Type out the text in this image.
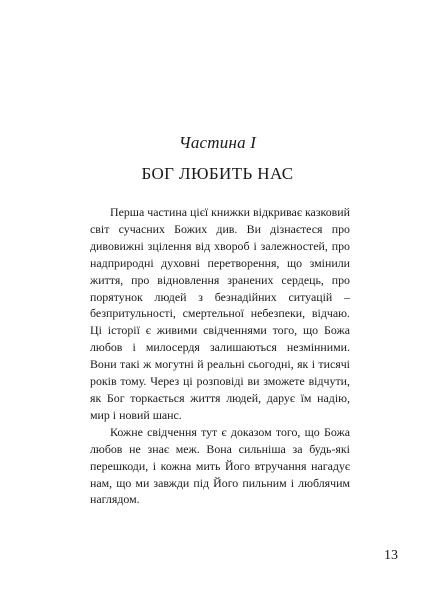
Частина І
БОГ ЛЮБИТЬ НАС

Перша частина цієї книжки відкриває казковий світ сучасних Божих див. Ви дізнаєтеся про дивовижні зцілення від хвороб і залежностей, про надприродні духовні перетворення, що змінили життя, про відновлення зранених сердець, про порятунок людей з безнадійних ситуацій – безпритульності, смертельної небезпеки, відчаю. Ці історії є живими свідченнями того, що Божа любов і милосердя залишаються незмінними. Вони такі ж могутні й реальні сьогодні, як і тисячі років тому. Через ці розповіді ви зможете відчути, як Бог торкається життя людей, дарує їм надію, мир і новий шанс.

Кожне свідчення тут є доказом того, що Божа любов не знає меж. Вона сильніша за будь-які перешкоди, і кожна мить Його втручання нагадує нам, що ми завжди під Його пильним і люблячим наглядом.

13
